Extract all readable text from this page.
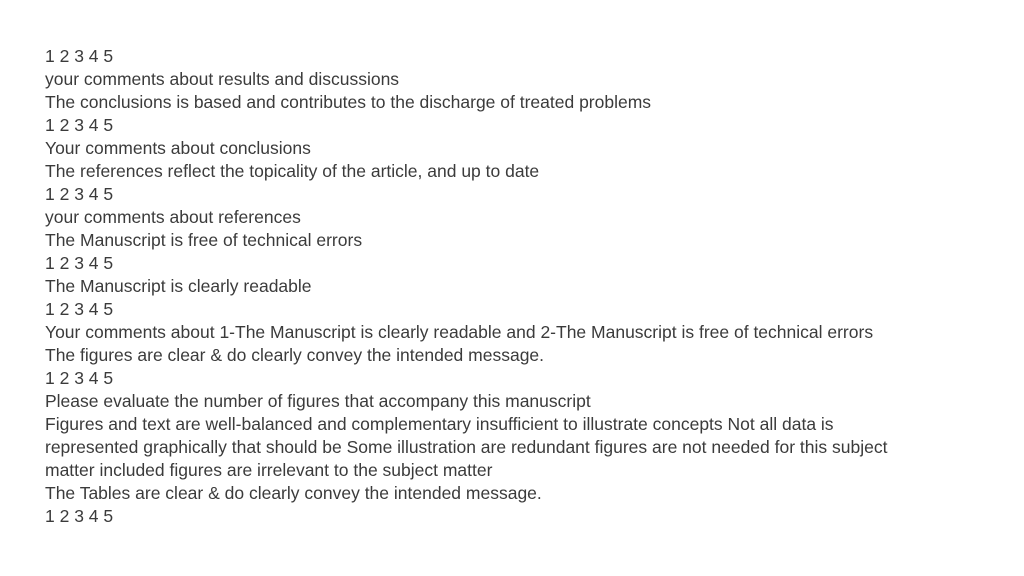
1 2 3 4 5
your comments about results and discussions
The conclusions is based and contributes to the discharge of treated problems
1 2 3 4 5
Your comments about conclusions
The references reflect the topicality of the article, and up to date
1 2 3 4 5
your comments about references
The Manuscript is free of technical errors
1 2 3 4 5
The Manuscript is clearly readable
1 2 3 4 5
Your comments about 1-The Manuscript is clearly readable and 2-The Manuscript is free of technical errors
The figures are clear & do clearly convey the intended message.
1 2 3 4 5
Please evaluate the number of figures that accompany this manuscript
Figures and text are well-balanced and complementary insufficient to illustrate concepts Not all data is represented graphically that should be Some illustration are redundant figures are not needed for this subject matter included figures are irrelevant to the subject matter
The Tables are clear & do clearly convey the intended message.
1 2 3 4 5
